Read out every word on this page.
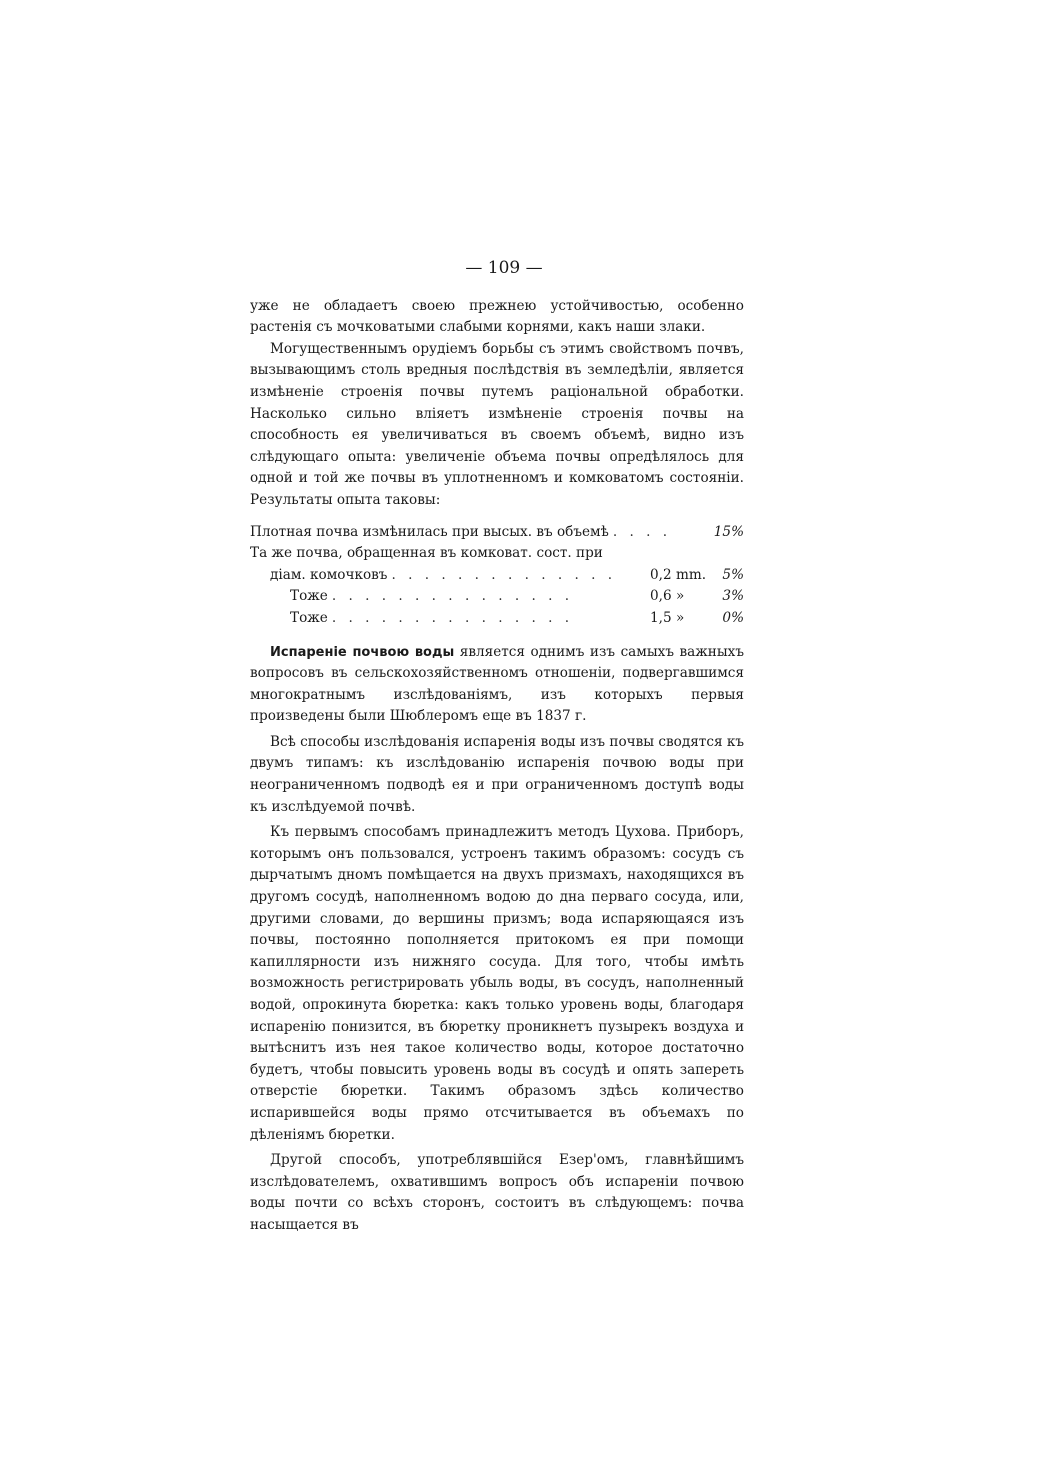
— 109 —

уже не обладаетъ своею прежнею устойчивостью, особенно растенія съ мочковатыми слабыми корнями, какъ наши злаки.

Могущественнымъ орудіемъ борьбы съ этимъ свойствомъ почвъ, вызывающимъ столь вредныя послѣдствія въ земледѣліи, является измѣненіе строенія почвы путемъ раціональной обработки. Насколько сильно вліяетъ измѣненіе строенія почвы на способность ея увеличиваться въ своемъ объемѣ, видно изъ слѣдующаго опыта: увеличеніе объема почвы опредѣлялось для одной и той же почвы въ уплотненномъ и комковатомъ состояніи. Результаты опыта таковы:

Плотная почва измѣнилась при высых. въ объемѣ . . . .	15%
Та же почва, обращенная въ комковат. сост. при
діам. комочковъ . . . . . . . . . . . . . .	0,2 mm.	5%
Тоже . . . . . . . . . . . . . . .	0,6 »	3%
Тоже . . . . . . . . . . . . . . .	1,5 »	0%

Испареніе почвою воды является однимъ изъ самыхъ важныхъ вопросовъ въ сельскохозяйственномъ отношеніи, подвергавшимся многократнымъ изслѣдованіямъ, изъ которыхъ первыя произведены были Шюблеромъ еще въ 1837 г.

Всѣ способы изслѣдованія испаренія воды изъ почвы сводятся къ двумъ типамъ: къ изслѣдованію испаренія почвою воды при неограниченномъ подводѣ ея и при ограниченномъ доступѣ воды къ изслѣдуемой почвѣ.

Къ первымъ способамъ принадлежитъ методъ Цухова. Приборъ, которымъ онъ пользовался, устроенъ такимъ образомъ: сосудъ съ дырчатымъ дномъ помѣщается на двухъ призмахъ, находящихся въ другомъ сосудѣ, наполненномъ водою до дна перваго сосуда, или, другими словами, до вершины призмъ; вода испаряющаяся изъ почвы, постоянно пополняется притокомъ ея при помощи капиллярности изъ нижняго сосуда. Для того, чтобы имѣть возможность регистрировать убыль воды, въ сосудъ, наполненный водой, опрокинута бюретка: какъ только уровень воды, благодаря испаренію понизится, въ бюретку проникнетъ пузырекъ воздуха и вытѣснитъ изъ нея такое количество воды, которое достаточно будетъ, чтобы повысить уровень воды въ сосудѣ и опять запереть отверстіе бюретки. Такимъ образомъ здѣсь количество испарившейся воды прямо отсчитывается въ объемахъ по дѣленіямъ бюретки.

Другой способъ, употреблявшійся Езер'омъ, главнѣйшимъ изслѣдователемъ, охватившимъ вопросъ объ испареніи почвою воды почти со всѣхъ сторонъ, состоитъ въ слѣдующемъ: почва насыщается въ
